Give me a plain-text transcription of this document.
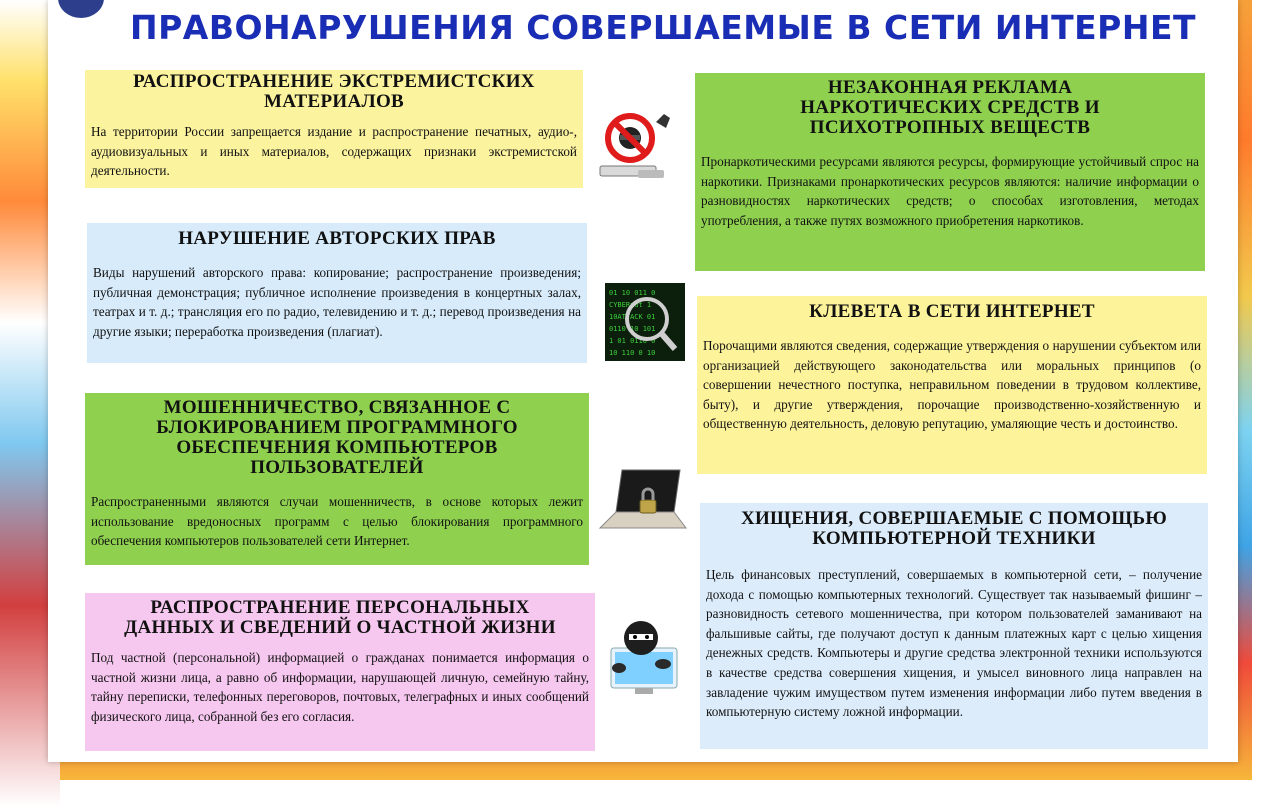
ПРАВОНАРУШЕНИЯ СОВЕРШАЕМЫЕ В СЕТИ ИНТЕРНЕТ
РАСПРОСТРАНЕНИЕ ЭКСТРЕМИСТСКИХ МАТЕРИАЛОВ

На территории России запрещается издание и распространение печатных, аудио-, аудиовизуальных и иных материалов, содержащих признаки экстремистской деятельности.

НАРУШЕНИЕ АВТОРСКИХ ПРАВ

Виды нарушений авторского права: копирование; распространение произведения; публичная демонстрация; публичное исполнение произведения в концертных залах, театрах и т. д.; трансляция его по радио, телевидению и т. д.; перевод произведения на другие языки; переработка произведения (плагиат).

МОШЕННИЧЕСТВО, СВЯЗАННОЕ С БЛОКИРОВАНИЕМ ПРОГРАММНОГО ОБЕСПЕЧЕНИЯ КОМПЬЮТЕРОВ ПОЛЬЗОВАТЕЛЕЙ

Распространенными являются случаи мошенничеств, в основе которых лежит использование вредоносных программ с целью блокирования программного обеспечения компьютеров пользователей сети Интернет.

РАСПРОСТРАНЕНИЕ ПЕРСОНАЛЬНЫХ ДАННЫХ И СВЕДЕНИЙ О ЧАСТНОЙ ЖИЗНИ

Под частной (персональной) информацией о гражданах понимается информация о частной жизни лица, а равно об информации, нарушающей личную, семейную тайну, тайну переписки, телефонных переговоров, почтовых, телеграфных и иных сообщений физического лица, собранной без его согласия.

НЕЗАКОННАЯ РЕКЛАМА НАРКОТИЧЕСКИХ СРЕДСТВ И ПСИХОТРОПНЫХ ВЕЩЕСТВ

Пронаркотическими ресурсами являются ресурсы, формирующие устойчивый спрос на наркотики. Признаками пронаркотических ресурсов являются: наличие информации о разновидностях наркотических средств; о способах изготовления, методах употребления, а также путях возможного приобретения наркотиков.

КЛЕВЕТА В СЕТИ ИНТЕРНЕТ

Порочащими являются сведения, содержащие утверждения о нарушении субъектом или организацией действующего законодательства или моральных принципов (о совершении нечестного поступка, неправильном поведении в трудовом коллективе, быту), и другие утверждения, порочащие производственно-хозяйственную и общественную деятельность, деловую репутацию, умаляющие честь и достоинство.

ХИЩЕНИЯ, СОВЕРШАЕМЫЕ С ПОМОЩЬЮ КОМПЬЮТЕРНОЙ ТЕХНИКИ

Цель финансовых преступлений, совершаемых в компьютерной сети, – получение дохода с помощью компьютерных технологий. Существует так называемый фишинг – разновидность сетевого мошенничества, при котором пользователей заманивают на фальшивые сайты, где получают доступ к данным платежных карт с целью хищения денежных средств. Компьютеры и другие средства электронной техники используются в качестве средства совершения хищения, и умысел виновного лица направлен на завладение чужим имуществом путем изменения информации либо путем введения в компьютерную систему ложной информации.

01 10 011 0
CYBERnut 1
10ATTACK 01
0110 10 101
1 01 0110 0
10 110 0 10
